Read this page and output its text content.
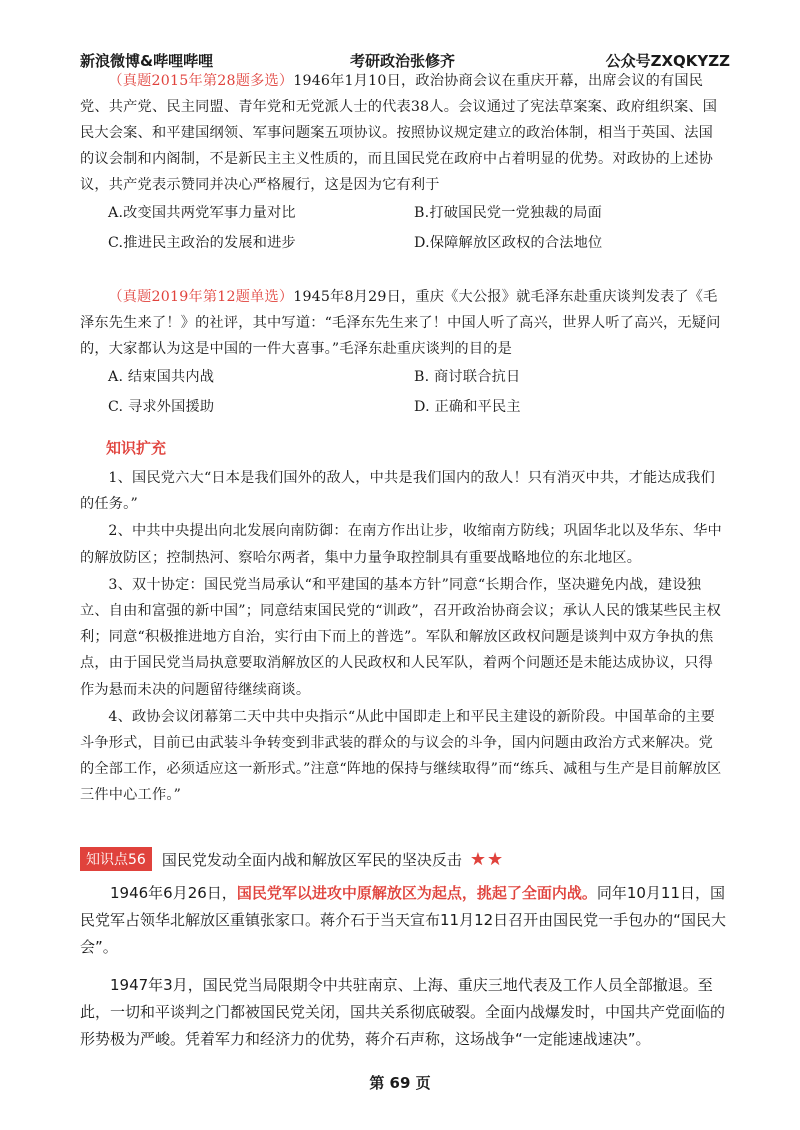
新浪微博&哔哩哔哩	考研政治张修齐	公众号ZXQKYZZ

（真题2015年第28题多选）1946年1月10日，政治协商会议在重庆开幕，出席会议的有国民党、共产党、民主同盟、青年党和无党派人士的代表38人。会议通过了宪法草案案、政府组织案、国民大会案、和平建国纲领、军事问题案五项协议。按照协议规定建立的政治体制，相当于英国、法国的议会制和内阁制，不是新民主主义性质的，而且国民党在政府中占着明显的优势。对政协的上述协议，共产党表示赞同并决心严格履行，这是因为它有利于

A.改变国共两党军事力量对比	B.打破国民党一党独裁的局面
C.推进民主政治的发展和进步	D.保障解放区政权的合法地位

（真题2019年第12题单选）1945年8月29日，重庆《大公报》就毛泽东赴重庆谈判发表了《毛泽东先生来了！》的社评，其中写道：“毛泽东先生来了！中国人听了高兴，世界人听了高兴，无疑问的，大家都认为这是中国的一件大喜事。”毛泽东赴重庆谈判的目的是

A. 结束国共内战	B. 商讨联合抗日
C. 寻求外国援助	D. 正确和平民主
知识扩充

1、国民党六大“日本是我们国外的敌人，中共是我们国内的敌人！只有消灭中共，才能达成我们的任务。”

2、中共中央提出向北发展向南防御：在南方作出让步，收缩南方防线；巩固华北以及华东、华中的解放防区；控制热河、察哈尔两者，集中力量争取控制具有重要战略地位的东北地区。

3、双十协定：国民党当局承认“和平建国的基本方针”同意“长期合作，坚决避免内战，建设独立、自由和富强的新中国”；同意结束国民党的“训政”，召开政治协商会议；承认人民的饿某些民主权利；同意“积极推进地方自治，实行由下而上的普选”。军队和解放区政权问题是谈判中双方争执的焦点，由于国民党当局执意要取消解放区的人民政权和人民军队，着两个问题还是未能达成协议，只得作为悬而未决的问题留待继续商谈。

4、政协会议闭幕第二天中共中央指示“从此中国即走上和平民主建设的新阶段。中国革命的主要斗争形式，目前已由武装斗争转变到非武装的群众的与议会的斗争，国内问题由政治方式来解决。党的全部工作，必须适应这一新形式。”注意“阵地的保持与继续取得”而“练兵、减租与生产是目前解放区三件中心工作。”

知识点56	国民党发动全面内战和解放区军民的坚决反击 ★★

1946年6月26日，国民党军以进攻中原解放区为起点，挑起了全面内战。同年10月11日，国民党军占领华北解放区重镇张家口。蒋介石于当天宣布11月12日召开由国民党一手包办的“国民大会”。

1947年3月，国民党当局限期令中共驻南京、上海、重庆三地代表及工作人员全部撤退。至此，一切和平谈判之门都被国民党关闭，国共关系彻底破裂。全面内战爆发时，中国共产党面临的形势极为严峻。凭着军力和经济力的优势，蒋介石声称，这场战争“一定能速战速决”。

第 69 页
